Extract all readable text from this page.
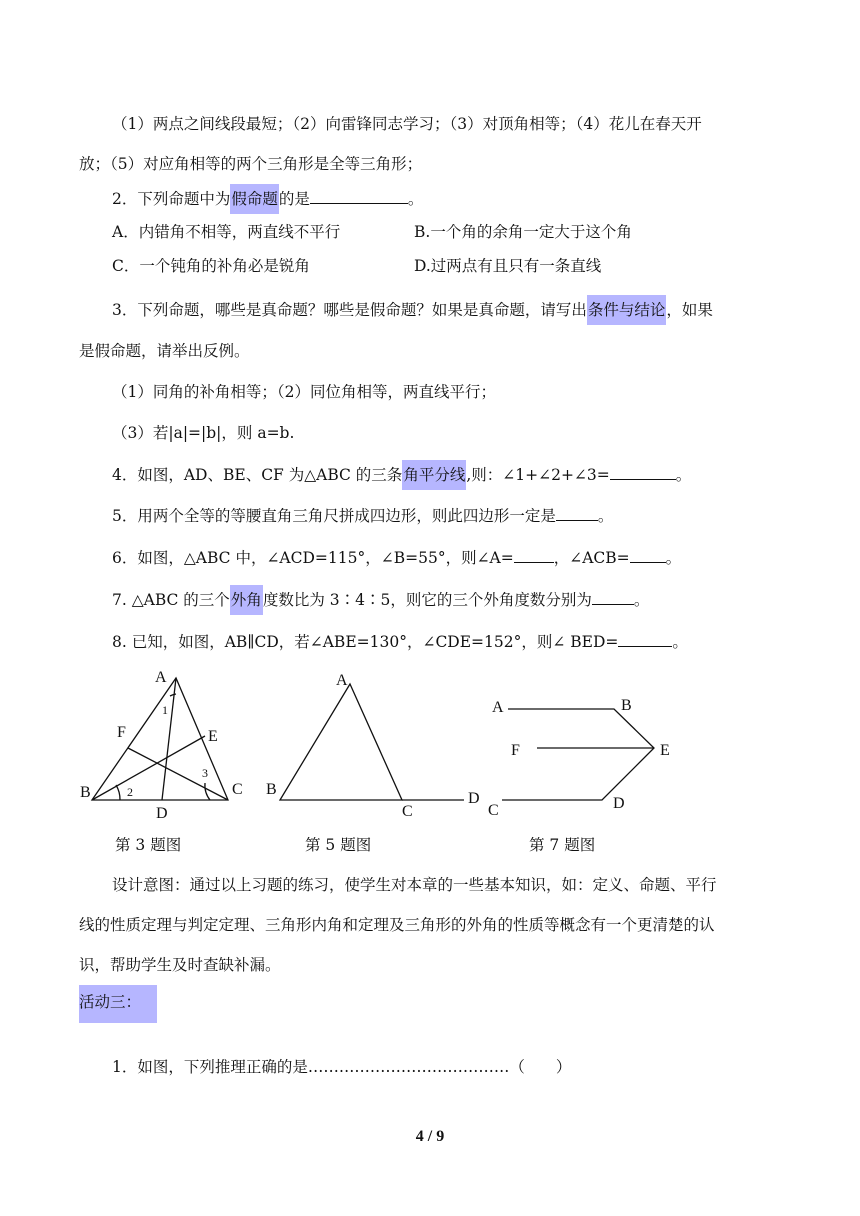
（1）两点之间线段最短；（2）向雷锋同志学习；（3）对顶角相等；（4）花儿在春天开
放；（5）对应角相等的两个三角形是全等三角形；
2．下列命题中为假命题的是	。
A．内错角不相等，两直线不平行	B.一个角的余角一定大于这个角
C．一个钝角的补角必是锐角	D.过两点有且只有一条直线
3．下列命题，哪些是真命题？哪些是假命题？如果是真命题，请写出条件与结论，如果
是假命题，请举出反例。
（1）同角的补角相等；（2）同位角相等，两直线平行；
（3）若|a|=|b|，则 a=b.
4．如图，AD、BE、CF 为△ABC 的三条角平分线,则：∠1+∠2+∠3=	。
5．用两个全等的等腰直角三角尺拼成四边形，则此四边形一定是	。
6．如图，△ABC 中，∠ACD=115°，∠B=55°，则∠A=	，∠ACB= 。
7. △ABC 的三个外角度数比为 3∶4∶5，则它的三个外角度数分别为	。
8. 已知，如图，AB∥CD，若∠ABE=130°，∠CDE=152°，则∠ BED=	。
A
F	E
B	C
D
1
2
3
A
B
C
D
A	B
F	E
C	D
第 3 题图	第 5 题图	第 7 题图
设计意图：通过以上习题的练习，使学生对本章的一些基本知识，如：定义、命题、平行
线的性质定理与判定定理、三角形内角和定理及三角形的外角的性质等概念有一个更清楚的认
识，帮助学生及时查缺补漏。
活动三：
1．如图，下列推理正确的是…………………………………（　　）
4 / 9
